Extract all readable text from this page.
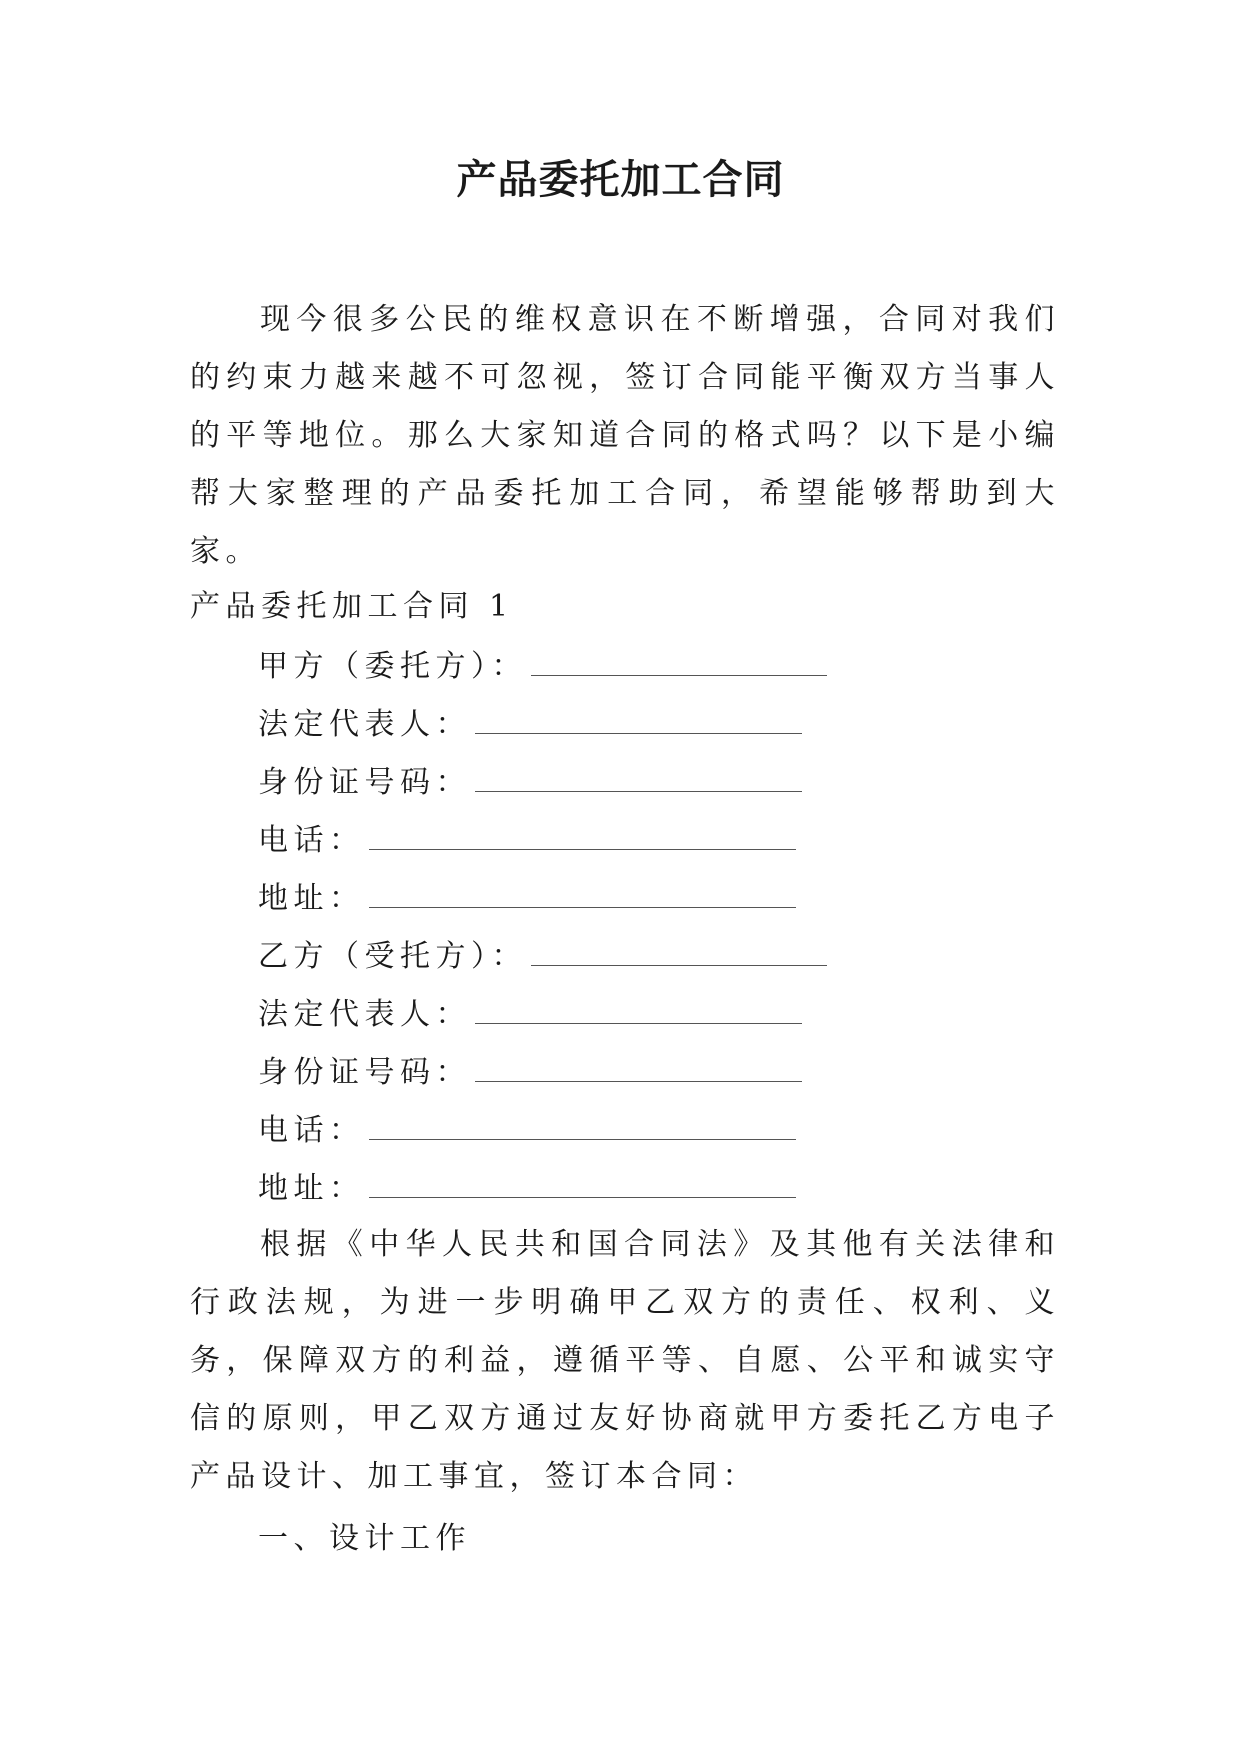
产品委托加工合同

现今很多公民的维权意识在不断增强，合同对我们的约束力越来越不可忽视，签订合同能平衡双方当事人的平等地位。那么大家知道合同的格式吗？以下是小编帮大家整理的产品委托加工合同，希望能够帮助到大家。

产品委托加工合同 1
甲方（委托方）：
法定代表人：
身份证号码：
电话：
地址：
乙方（受托方）：
法定代表人：
身份证号码：
电话：
地址：

根据《中华人民共和国合同法》及其他有关法律和行政法规，为进一步明确甲乙双方的责任、权利、义务，保障双方的利益，遵循平等、自愿、公平和诚实守信的原则，甲乙双方通过友好协商就甲方委托乙方电子产品设计、加工事宜，签订本合同：

一、设计工作
